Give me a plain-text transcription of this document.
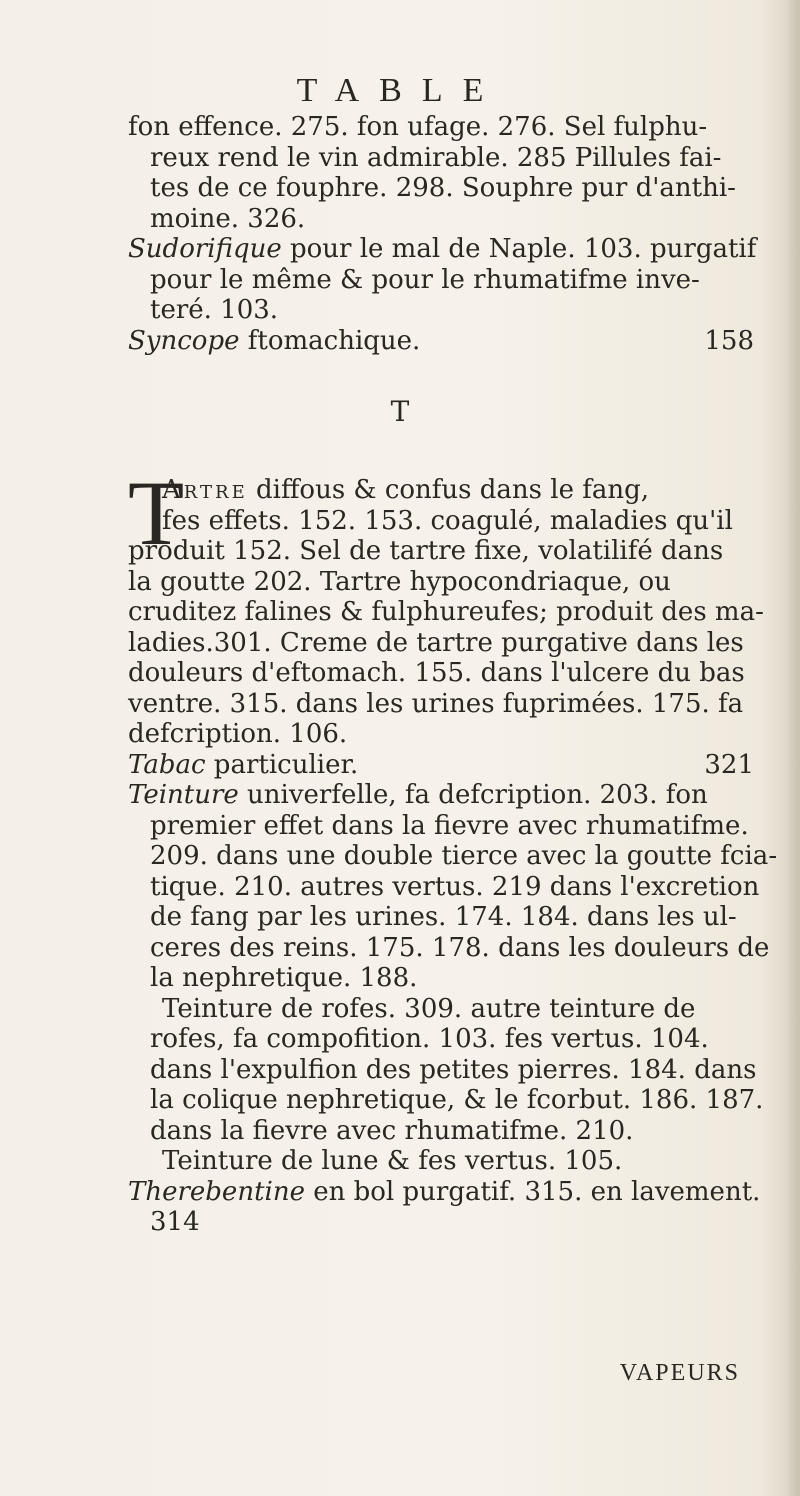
TABLE
fon effence. 275. fon ufage. 276. Sel fulphu-
reux rend le vin admirable. 285 Pillules fai-
tes de ce fouphre. 298. Souphre pur d'anthi-
moine. 326.
Sudorifique pour le mal de Naple. 103. purgatif
pour le même & pour le rhumatifme inve-
teré. 103.
Syncope ftomachique.	158
T
T
Artre diffous & confus dans le fang,
fes effets. 152. 153. coagulé, maladies qu'il
produit 152. Sel de tartre fixe, volatilifé dans
la goutte 202. Tartre hypocondriaque, ou
cruditez falines & fulphureufes; produit des ma-
ladies.301. Creme de tartre purgative dans les
douleurs d'eftomach. 155. dans l'ulcere du bas
ventre. 315. dans les urines fuprimées. 175. fa
defcription. 106.
Tabac particulier.	321
Teinture univerfelle, fa defcription. 203. fon
premier effet dans la fievre avec rhumatifme.
209. dans une double tierce avec la goutte fcia-
tique. 210. autres vertus. 219 dans l'excretion
de fang par les urines. 174. 184. dans les ul-
ceres des reins. 175. 178. dans les douleurs de
la nephretique. 188.
Teinture de rofes. 309. autre teinture de
rofes, fa compofition. 103. fes vertus. 104.
dans l'expulfion des petites pierres. 184. dans
la colique nephretique, & le fcorbut. 186. 187.
dans la fievre avec rhumatifme. 210.
Teinture de lune & fes vertus. 105.
Therebentine en bol purgatif. 315. en lavement.
314
VAPEURS
